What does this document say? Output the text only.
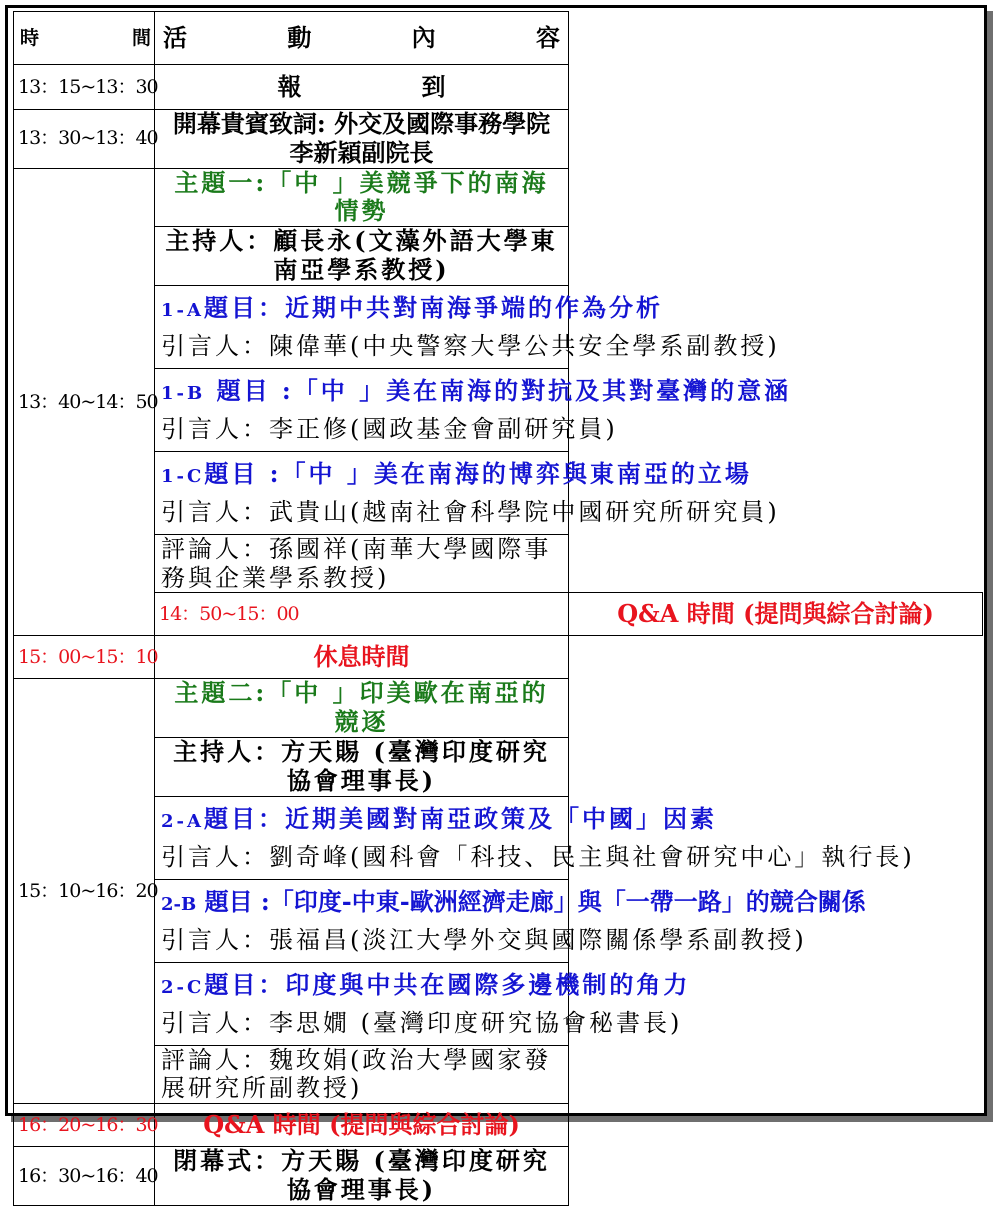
時 間	活 動 內 容	

13：15~13：30	報 到	

13：30~13：40	開幕貴賓致詞: 外交及國際事務學院李新穎副院長	
13：40~14：50	主題一:「中 」美競爭下的南海情勢	
	主持人：顧長永(文藻外語大學東南亞學系教授)	

	1-A題目：近期中共對南海爭端的作為分析
引言人：陳偉華(中央警察大學公共安全學系副教授)	

	1-B 題目 :「中 」美在南海的對抗及其對臺灣的意涵
引言人：李正修(國政基金會副研究員)	

	1-C題目 :「中 」美在南海的博弈與東南亞的立場
引言人：武貴山(越南社會科學院中國研究所研究員)	

	評論人：孫國祥(南華大學國際事務與企業學系教授)	
	14：50~15：00	Q&A 時間 (提問與綜合討論)
15：00~15：10	休息時間	
15：10~16：20	主題二:「中 」印美歐在南亞的競逐	
	主持人：方天賜 (臺灣印度研究協會理事長)	

	2-A題目：近期美國對南亞政策及「中國」因素
引言人：劉奇峰(國科會「科技、民主與社會研究中心」執行長)	

	2-B 題目 :「印度-中東-歐洲經濟走廊」與「一帶一路」的競合關係
引言人：張福昌(淡江大學外交與國際關係學系副教授)	

	2-C題目：印度與中共在國際多邊機制的角力
引言人：李思嫺 (臺灣印度研究協會秘書長)	

	評論人：魏玫娟(政治大學國家發展研究所副教授)	
16：20~16：30	Q&A 時間 (提問與綜合討論)	
16：30~16：40	閉幕式：方天賜 (臺灣印度研究協會理事長)	
